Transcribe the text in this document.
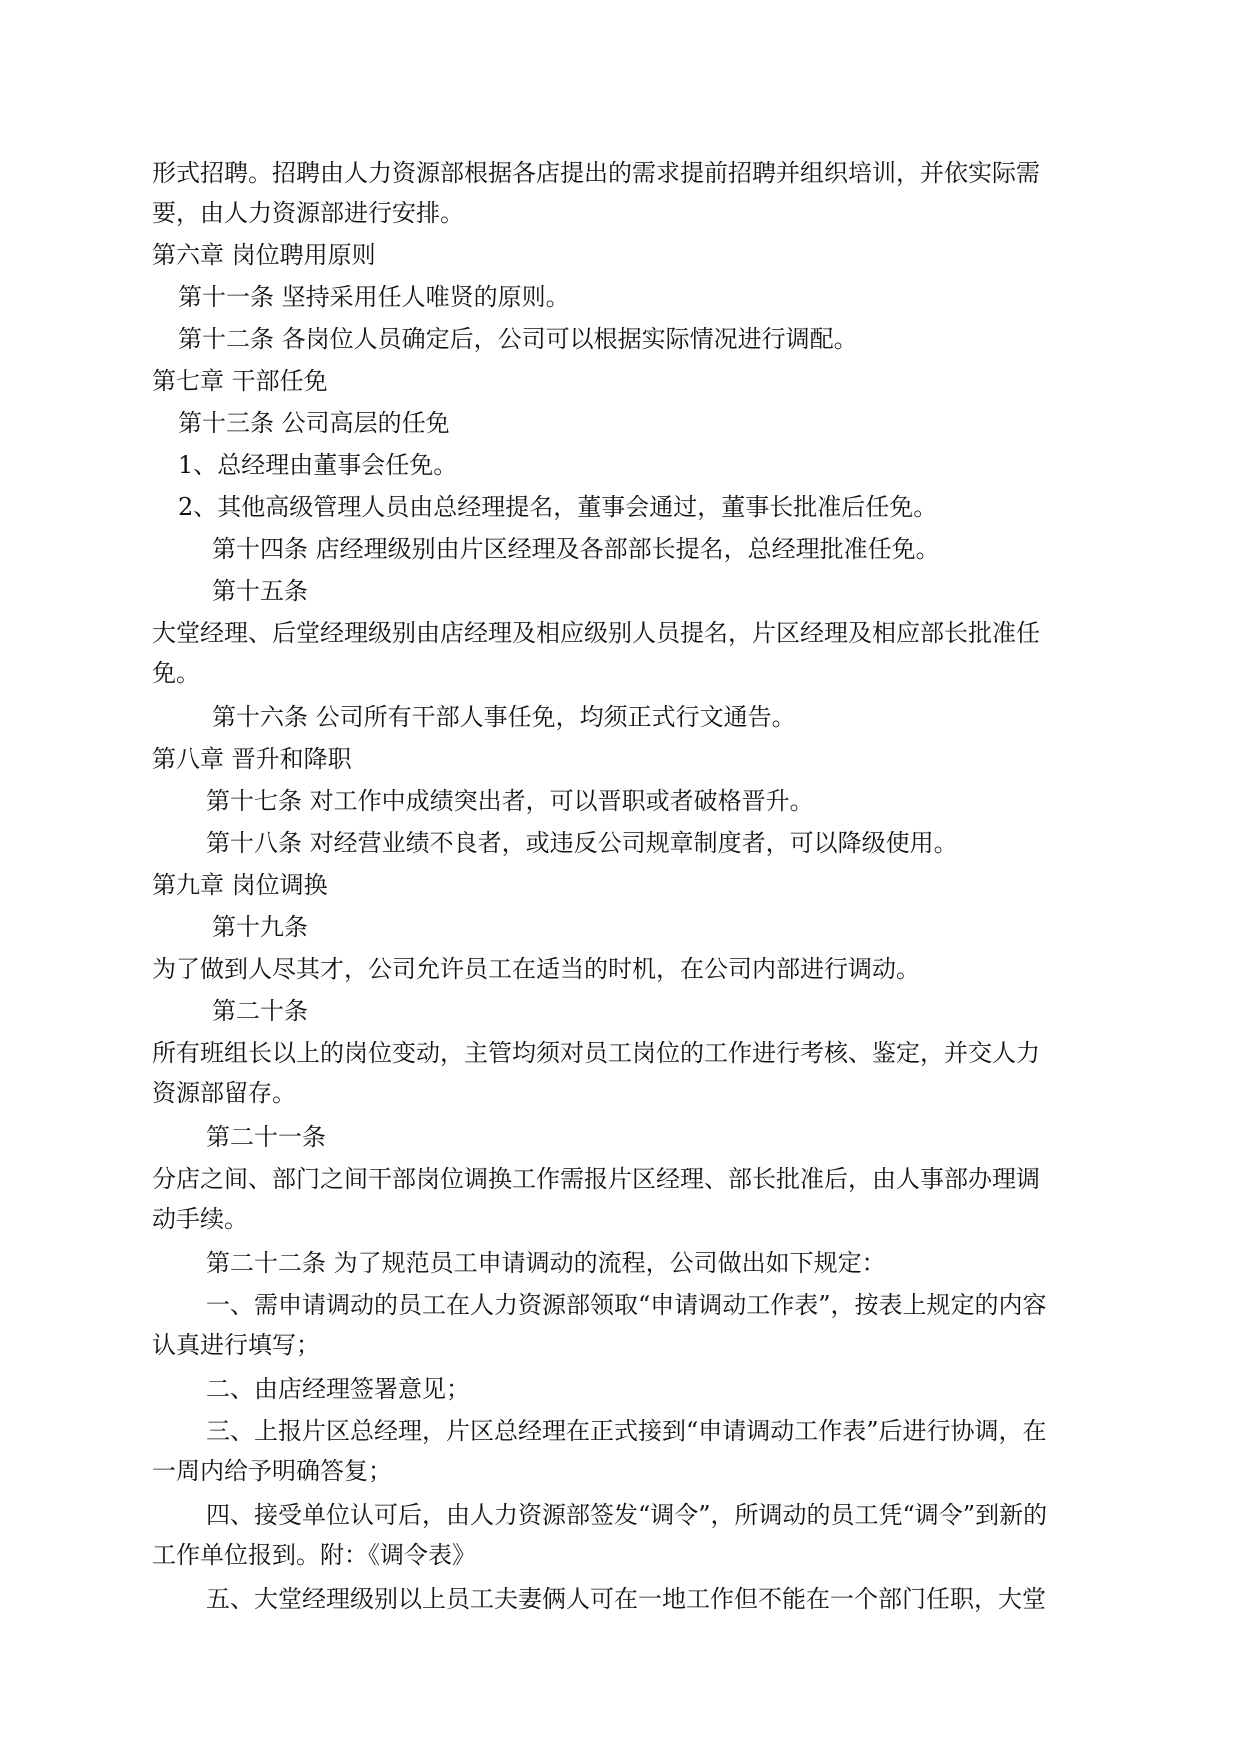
形式招聘。招聘由人力资源部根据各店提出的需求提前招聘并组织培训，并依实际需

要，由人力资源部进行安排。

第六章 岗位聘用原则

第十一条 坚持采用任人唯贤的原则。

第十二条 各岗位人员确定后，公司可以根据实际情况进行调配。

第七章 干部任免

第十三条 公司高层的任免

1、总经理由董事会任免。

2、其他高级管理人员由总经理提名，董事会通过，董事长批准后任免。

第十四条 店经理级别由片区经理及各部部长提名，总经理批准任免。

第十五条

大堂经理、后堂经理级别由店经理及相应级别人员提名，片区经理及相应部长批准任

免。

第十六条 公司所有干部人事任免，均须正式行文通告。

第八章 晋升和降职

第十七条 对工作中成绩突出者，可以晋职或者破格晋升。

第十八条 对经营业绩不良者，或违反公司规章制度者，可以降级使用。

第九章 岗位调换

第十九条

为了做到人尽其才，公司允许员工在适当的时机，在公司内部进行调动。

第二十条

所有班组长以上的岗位变动，主管均须对员工岗位的工作进行考核、鉴定，并交人力

资源部留存。

第二十一条

分店之间、部门之间干部岗位调换工作需报片区经理、部长批准后，由人事部办理调

动手续。

第二十二条 为了规范员工申请调动的流程，公司做出如下规定：

一、需申请调动的员工在人力资源部领取“申请调动工作表”，按表上规定的内容

认真进行填写；

二、由店经理签署意见；

三、上报片区总经理，片区总经理在正式接到“申请调动工作表”后进行协调，在

一周内给予明确答复；

四、接受单位认可后，由人力资源部签发“调令”，所调动的员工凭“调令”到新的

工作单位报到。附：《调令表》

五、大堂经理级别以上员工夫妻俩人可在一地工作但不能在一个部门任职，大堂
